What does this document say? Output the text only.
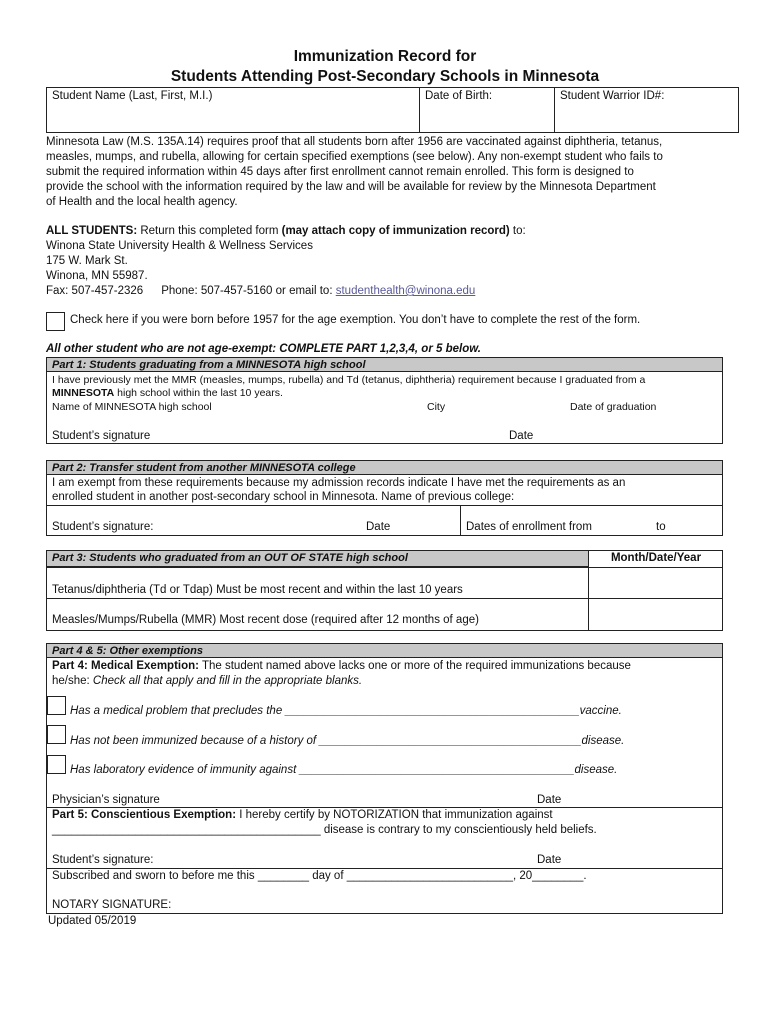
Immunization Record for
Students Attending Post-Secondary Schools in Minnesota
Student Name (Last, First, M.I.)	Date of Birth:	Student Warrior ID#:
Minnesota Law (M.S. 135A.14) requires proof that all students born after 1956 are vaccinated against diphtheria, tetanus,
measles, mumps, and rubella, allowing for certain specified exemptions (see below). Any non-exempt student who fails to
submit the required information within 45 days after first enrollment cannot remain enrolled. This form is designed to
provide the school with the information required by the law and will be available for review by the Minnesota Department
of Health and the local health agency.
ALL STUDENTS: Return this completed form (may attach copy of immunization record) to:
Winona State University Health & Wellness Services
175 W. Mark St.
Winona, MN 55987.
Fax: 507-457-2326 Phone: 507-457-5160 or email to: studenthealth@winona.edu
Check here if you were born before 1957 for the age exemption. You don’t have to complete the rest of the form.
All other student who are not age-exempt: COMPLETE PART 1,2,3,4, or 5 below.
Part 1: Students graduating from a MINNESOTA high school
I have previously met the MMR (measles, mumps, rubella) and Td (tetanus, diphtheria) requirement because I graduated from a
MINNESOTA high school within the last 10 years.
Name of MINNESOTA high school	City	Date of graduation
Student’s signature	Date
Part 2: Transfer student from another MINNESOTA college
I am exempt from these requirements because my admission records indicate I have met the requirements as an
enrolled student in another post-secondary school in Minnesota. Name of previous college:
Student’s signature:	Date	Dates of enrollment from	to
Part 3: Students who graduated from an OUT OF STATE high school	Month/Date/Year
Tetanus/diphtheria (Td or Tdap) Must be most recent and within the last 10 years
Measles/Mumps/Rubella (MMR) Most recent dose (required after 12 months of age)
Part 4 & 5: Other exemptions
Part 4: Medical Exemption: The student named above lacks one or more of the required immunizations because
he/she: Check all that apply and fill in the appropriate blanks.
Has a medical problem that precludes the ______________________________________________vaccine.
Has not been immunized because of a history of _________________________________________disease.
Has laboratory evidence of immunity against ___________________________________________disease.
Physician’s signature	Date
Part 5: Conscientious Exemption: I hereby certify by NOTORIZATION that immunization against
__________________________________________ disease is contrary to my conscientiously held beliefs.
Student’s signature:	Date
Subscribed and sworn to before me this ________ day of __________________________, 20________.
NOTARY SIGNATURE:
Updated 05/2019
